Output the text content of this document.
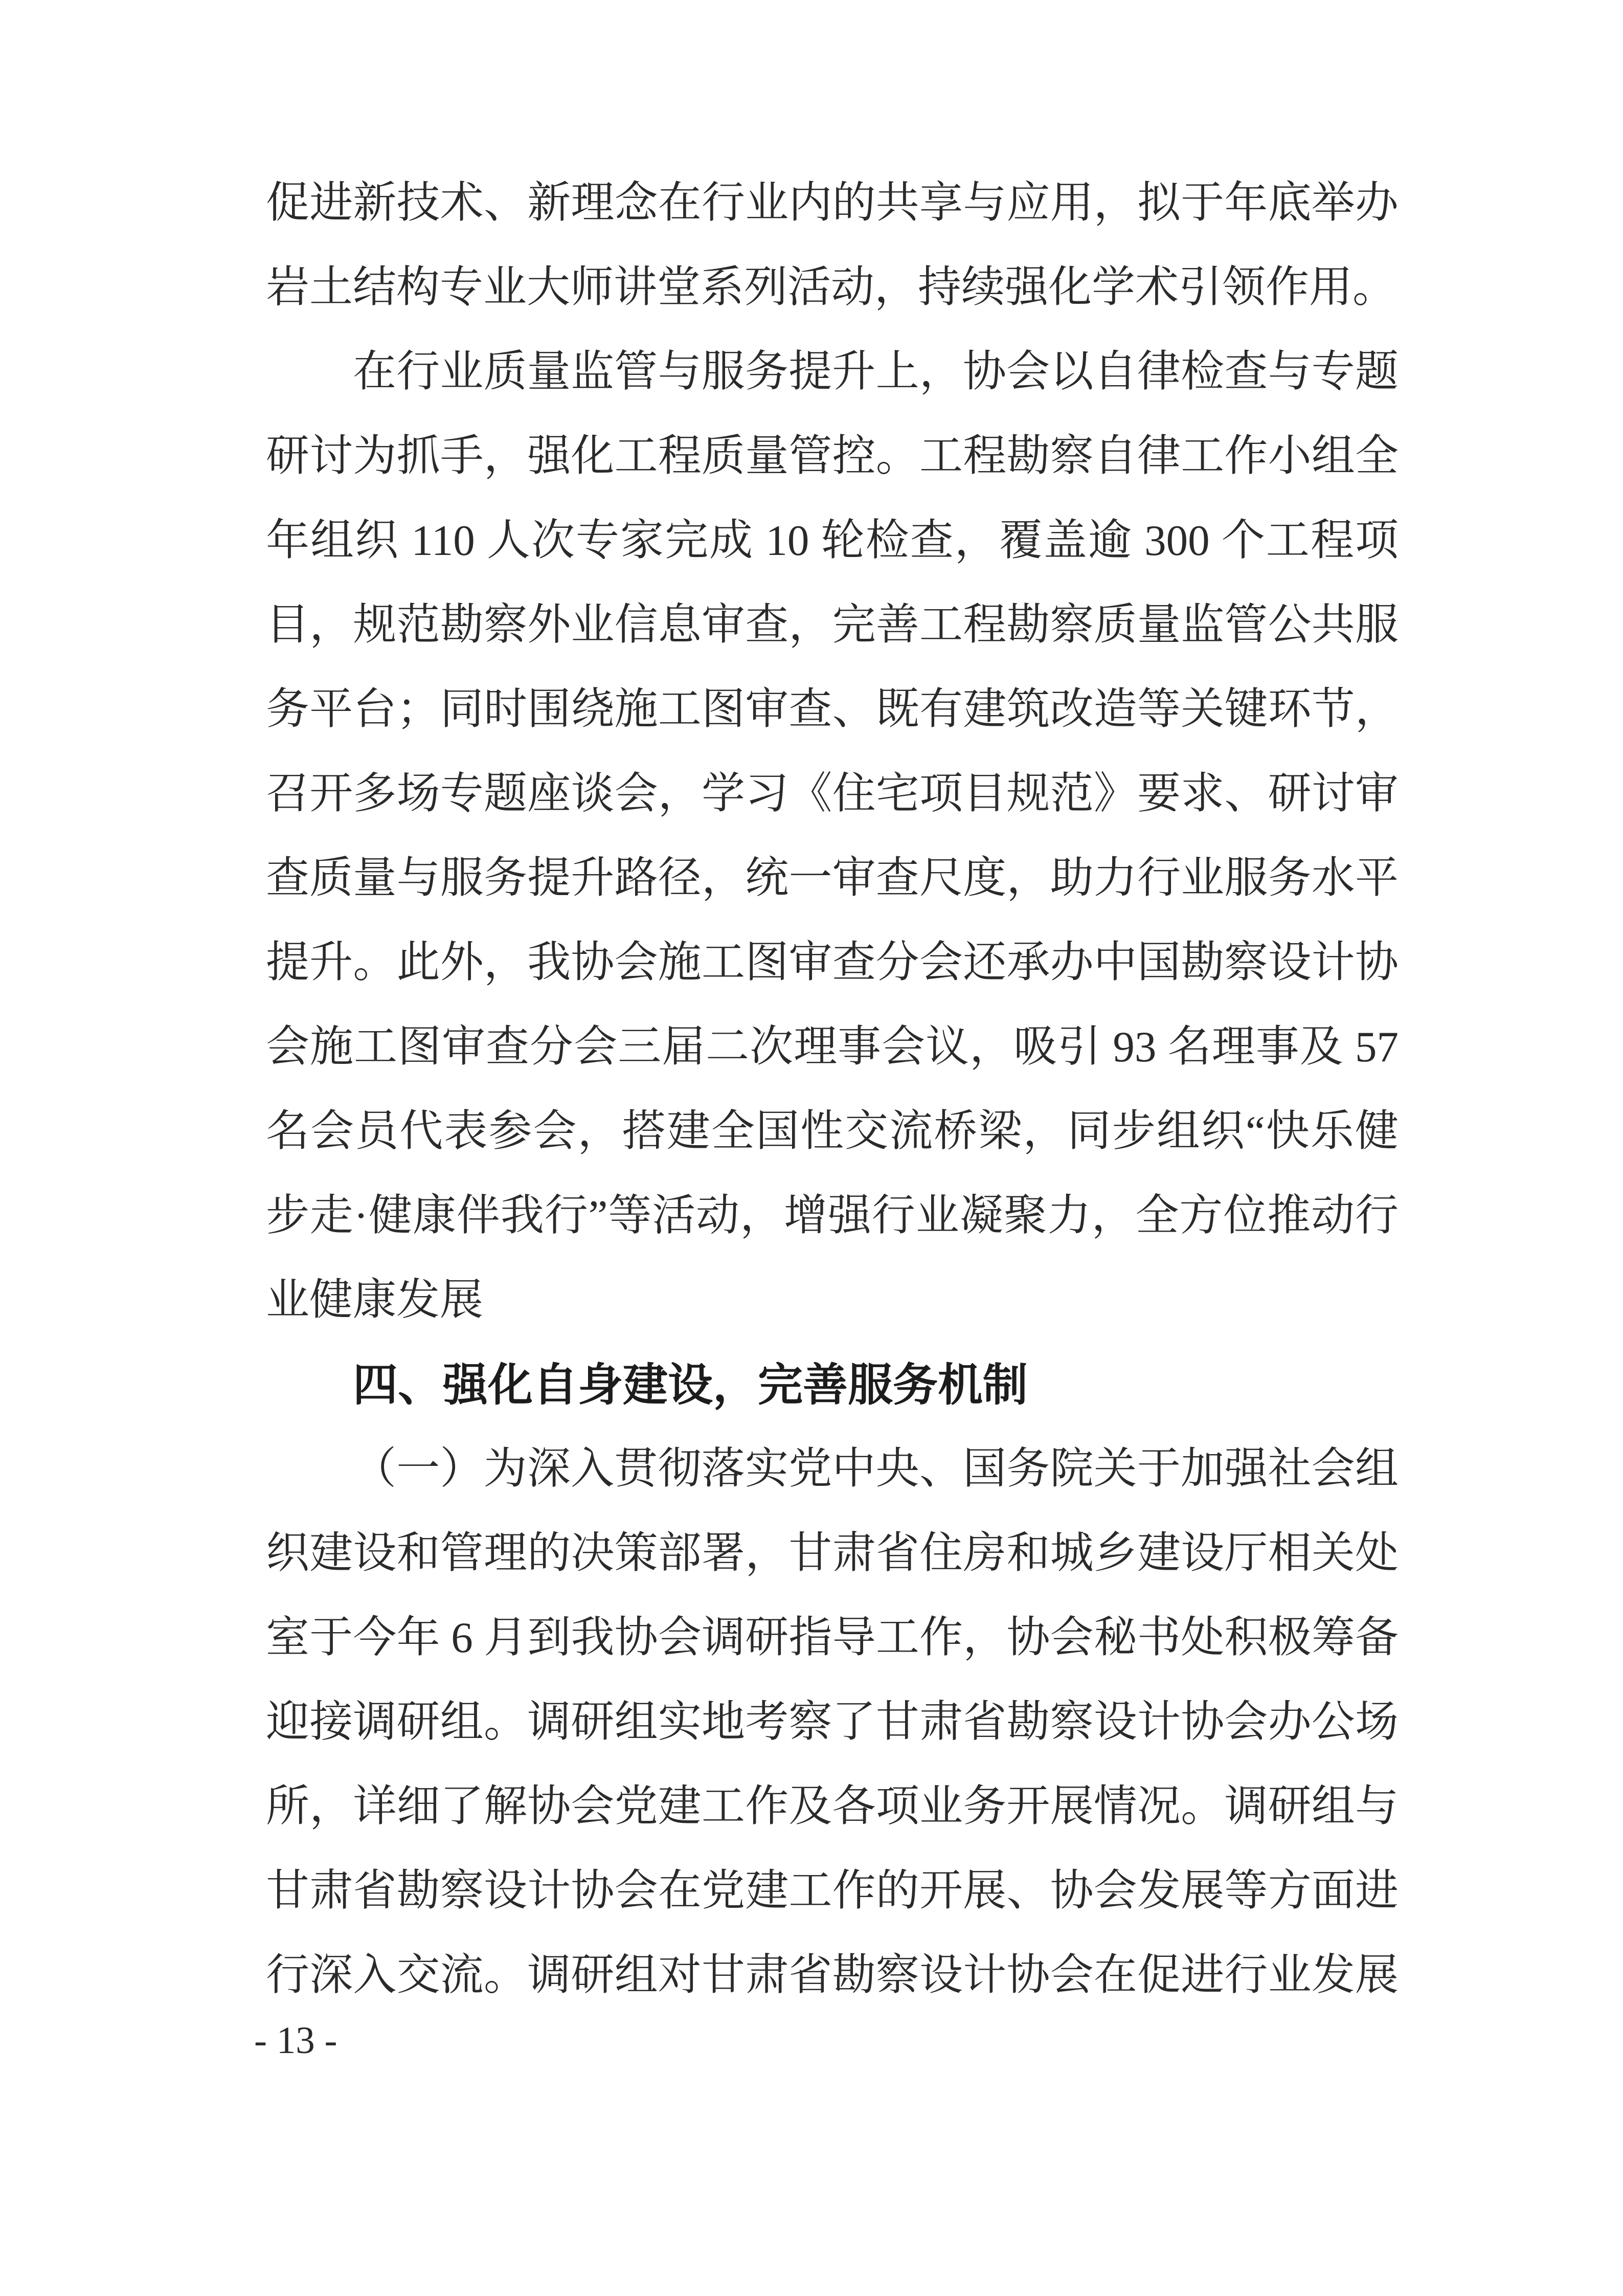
促进新技术、新理念在行业内的共享与应用，拟于年底举办
岩土结构专业大师讲堂系列活动，持续强化学术引领作用。
在行业质量监管与服务提升上，协会以自律检查与专题
研讨为抓手，强化工程质量管控。工程勘察自律工作小组全
年组织 110 人次专家完成 10 轮检查，覆盖逾 300 个工程项
目，规范勘察外业信息审查，完善工程勘察质量监管公共服
务平台；同时围绕施工图审查、既有建筑改造等关键环节，
召开多场专题座谈会，学习《住宅项目规范》要求、研讨审
查质量与服务提升路径，统一审查尺度，助力行业服务水平
提升。此外，我协会施工图审查分会还承办中国勘察设计协
会施工图审查分会三届二次理事会议，吸引 93 名理事及 57
名会员代表参会，搭建全国性交流桥梁，同步组织“快乐健
步走·健康伴我行”等活动，增强行业凝聚力，全方位推动行
业健康发展
四、强化自身建设，完善服务机制
（一）为深入贯彻落实党中央、国务院关于加强社会组
织建设和管理的决策部署，甘肃省住房和城乡建设厅相关处
室于今年 6 月到我协会调研指导工作，协会秘书处积极筹备
迎接调研组。调研组实地考察了甘肃省勘察设计协会办公场
所，详细了解协会党建工作及各项业务开展情况。调研组与
甘肃省勘察设计协会在党建工作的开展、协会发展等方面进
行深入交流。调研组对甘肃省勘察设计协会在促进行业发展
- 13 -
